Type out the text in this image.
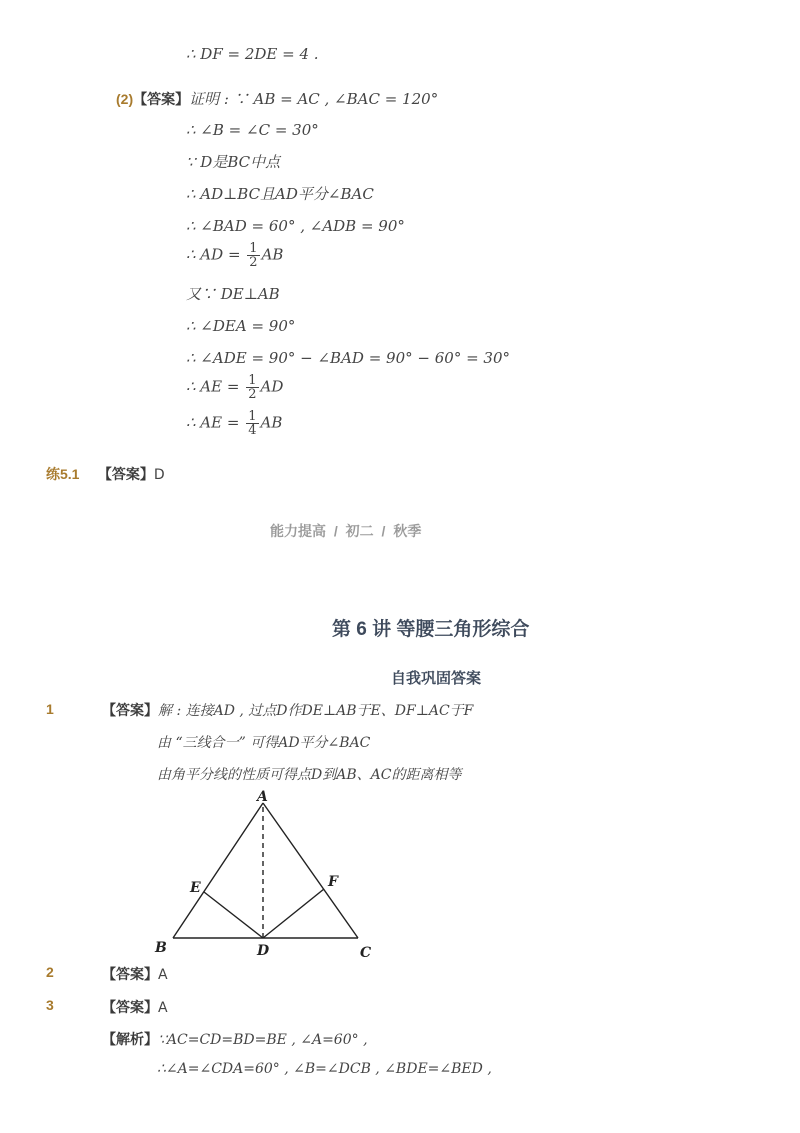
∴ DF = 2DE = 4 .
(2)【答案】证明 : ∵ AB = AC , ∠BAC = 120°
∴ ∠B = ∠C = 30°
∵ D是BC中点
∴ AD⊥BC且AD平分∠BAC
∴ ∠BAD = 60° , ∠ADB = 90°
∴ AD = $\frac{1}{2}$ AB
又∵ DE⊥AB
∴ ∠DEA = 90°
∴ ∠ADE = 90° − ∠BAD = 90° − 60° = 30°
∴ AE = $\frac{1}{2}$ AD
∴ AE = $\frac{1}{4}$ AB
练5.1 【答案】D
能力提高 / 初二 / 秋季
第 6 讲 等腰三角形综合
自我巩固答案
1	【答案】解 : 连接AD , 过点D作DE⊥AB于E、DF⊥AC于F
由 “三线合一” 可得AD平分∠BAC
由角平分线的性质可得点D到AB、AC的距离相等
A
B	C
D
E	F
2	【答案】A
3	【答案】A
【解析】∵AC=CD=BD=BE , ∠A=60° ,
∴∠A=∠CDA=60° , ∠B=∠DCB , ∠BDE=∠BED ,
